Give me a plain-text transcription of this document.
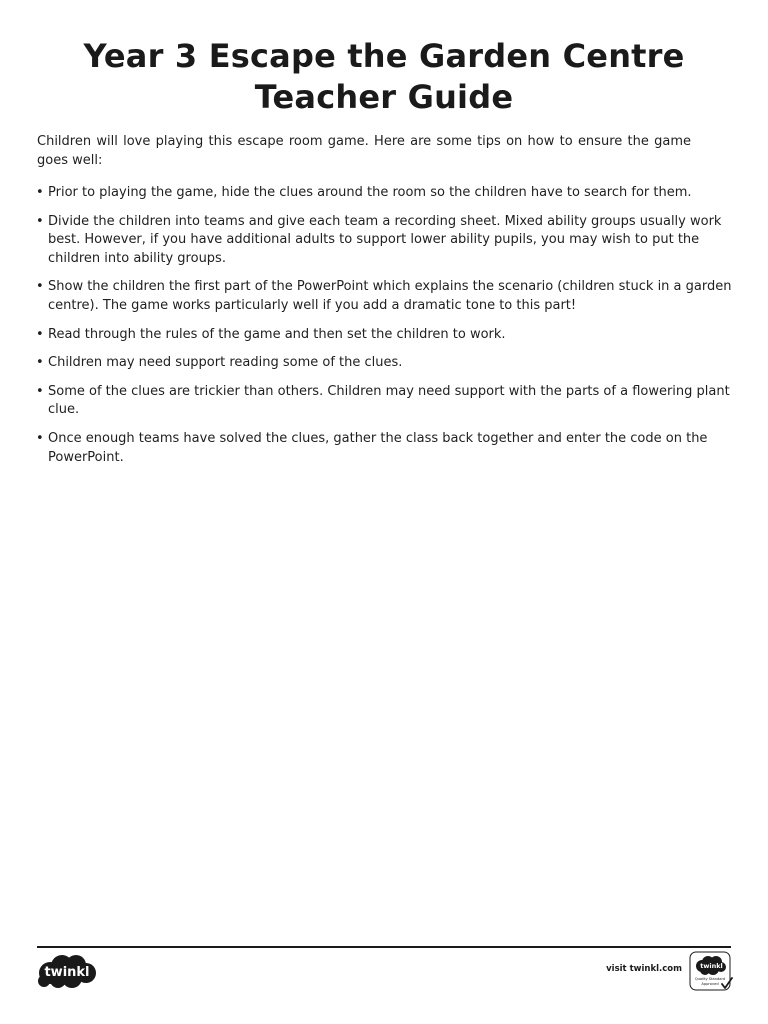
Year 3 Escape the Garden Centre
Teacher Guide

Children will love playing this escape room game. Here are some tips on how to ensure the game goes well:

• Prior to playing the game, hide the clues around the room so the children have to search for them.
• Divide the children into teams and give each team a recording sheet. Mixed ability groups usually work best. However, if you have additional adults to support lower ability pupils, you may wish to put the children into ability groups.
• Show the children the first part of the PowerPoint which explains the scenario (children stuck in a garden centre). The game works particularly well if you add a dramatic tone to this part!
• Read through the rules of the game and then set the children to work.
• Children may need support reading some of the clues.
• Some of the clues are trickier than others. Children may need support with the parts of a flowering plant clue.
• Once enough teams have solved the clues, gather the class back together and enter the code on the PowerPoint.
twinkl	visit twinkl.com	twinkl
Quality Standard
Approved
